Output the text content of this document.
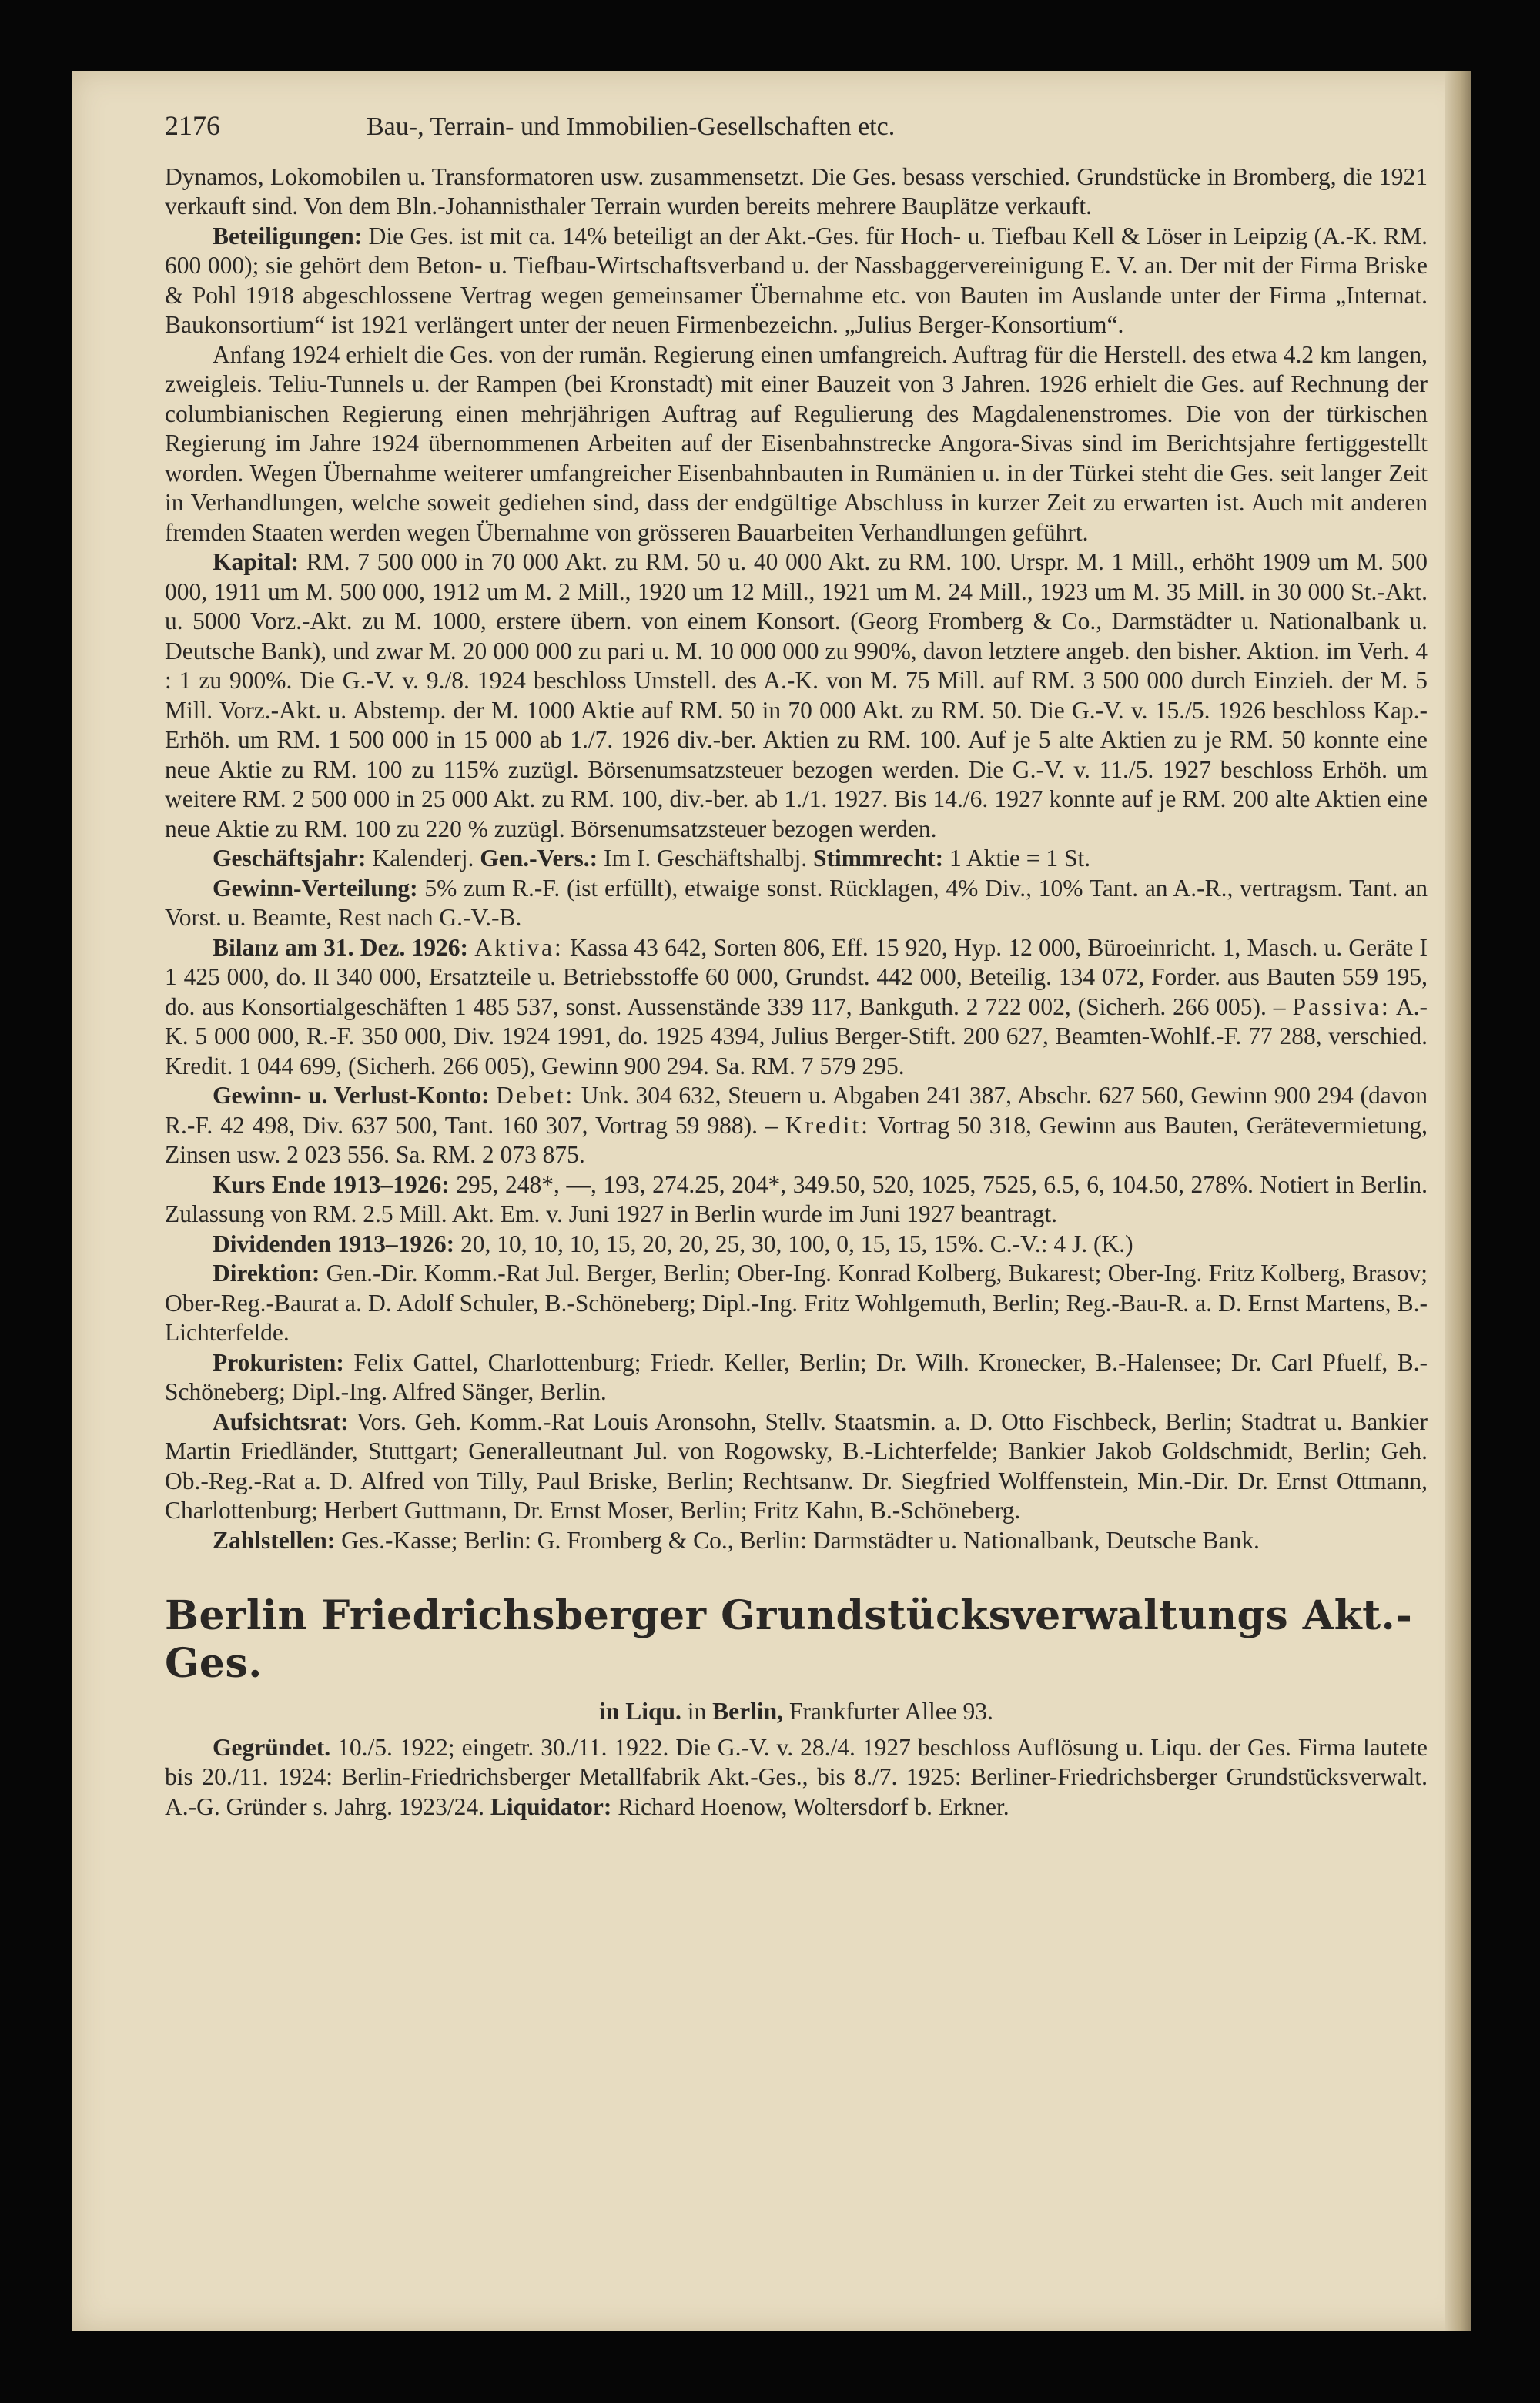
2176	Bau-, Terrain- und Immobilien-Gesellschaften etc.

Dynamos, Lokomobilen u. Transformatoren usw. zusammensetzt. Die Ges. besass verschied. Grundstücke in Bromberg, die 1921 verkauft sind. Von dem Bln.-Johannisthaler Terrain wurden bereits mehrere Bauplätze verkauft.

Beteiligungen: Die Ges. ist mit ca. 14% beteiligt an der Akt.-Ges. für Hoch- u. Tiefbau Kell & Löser in Leipzig (A.-K. RM. 600 000); sie gehört dem Beton- u. Tiefbau-Wirtschaftsverband u. der Nassbaggervereinigung E. V. an. Der mit der Firma Briske & Pohl 1918 abgeschlossene Vertrag wegen gemeinsamer Übernahme etc. von Bauten im Auslande unter der Firma „Internat. Baukonsortium“ ist 1921 verlängert unter der neuen Firmenbezeichn. „Julius Berger-Konsortium“.

Anfang 1924 erhielt die Ges. von der rumän. Regierung einen umfangreich. Auftrag für die Herstell. des etwa 4.2 km langen, zweigleis. Teliu-Tunnels u. der Rampen (bei Kronstadt) mit einer Bauzeit von 3 Jahren. 1926 erhielt die Ges. auf Rechnung der columbianischen Regierung einen mehrjährigen Auftrag auf Regulierung des Magdalenenstromes. Die von der türkischen Regierung im Jahre 1924 übernommenen Arbeiten auf der Eisenbahnstrecke Angora-Sivas sind im Berichtsjahre fertiggestellt worden. Wegen Übernahme weiterer umfangreicher Eisenbahnbauten in Rumänien u. in der Türkei steht die Ges. seit langer Zeit in Verhandlungen, welche soweit gediehen sind, dass der endgültige Abschluss in kurzer Zeit zu erwarten ist. Auch mit anderen fremden Staaten werden wegen Übernahme von grösseren Bauarbeiten Verhandlungen geführt.

Kapital: RM. 7 500 000 in 70 000 Akt. zu RM. 50 u. 40 000 Akt. zu RM. 100. Urspr. M. 1 Mill., erhöht 1909 um M. 500 000, 1911 um M. 500 000, 1912 um M. 2 Mill., 1920 um 12 Mill., 1921 um M. 24 Mill., 1923 um M. 35 Mill. in 30 000 St.-Akt. u. 5000 Vorz.-Akt. zu M. 1000, erstere übern. von einem Konsort. (Georg Fromberg & Co., Darmstädter u. Nationalbank u. Deutsche Bank), und zwar M. 20 000 000 zu pari u. M. 10 000 000 zu 990%, davon letztere angeb. den bisher. Aktion. im Verh. 4 : 1 zu 900%. Die G.-V. v. 9./8. 1924 beschloss Umstell. des A.-K. von M. 75 Mill. auf RM. 3 500 000 durch Einzieh. der M. 5 Mill. Vorz.-Akt. u. Abstemp. der M. 1000 Aktie auf RM. 50 in 70 000 Akt. zu RM. 50. Die G.-V. v. 15./5. 1926 beschloss Kap.-Erhöh. um RM. 1 500 000 in 15 000 ab 1./7. 1926 div.-ber. Aktien zu RM. 100. Auf je 5 alte Aktien zu je RM. 50 konnte eine neue Aktie zu RM. 100 zu 115% zuzügl. Börsenumsatzsteuer bezogen werden. Die G.-V. v. 11./5. 1927 beschloss Erhöh. um weitere RM. 2 500 000 in 25 000 Akt. zu RM. 100, div.-ber. ab 1./1. 1927. Bis 14./6. 1927 konnte auf je RM. 200 alte Aktien eine neue Aktie zu RM. 100 zu 220 % zuzügl. Börsenumsatzsteuer bezogen werden.

Geschäftsjahr: Kalenderj. Gen.-Vers.: Im I. Geschäftshalbj. Stimmrecht: 1 Aktie = 1 St.

Gewinn-Verteilung: 5% zum R.-F. (ist erfüllt), etwaige sonst. Rücklagen, 4% Div., 10% Tant. an A.-R., vertragsm. Tant. an Vorst. u. Beamte, Rest nach G.-V.-B.

Bilanz am 31. Dez. 1926: Aktiva: Kassa 43 642, Sorten 806, Eff. 15 920, Hyp. 12 000, Büroeinricht. 1, Masch. u. Geräte I 1 425 000, do. II 340 000, Ersatzteile u. Betriebsstoffe 60 000, Grundst. 442 000, Beteilig. 134 072, Forder. aus Bauten 559 195, do. aus Konsortialgeschäften 1 485 537, sonst. Aussenstände 339 117, Bankguth. 2 722 002, (Sicherh. 266 005). – Passiva: A.-K. 5 000 000, R.-F. 350 000, Div. 1924 1991, do. 1925 4394, Julius Berger-Stift. 200 627, Beamten-Wohlf.-F. 77 288, verschied. Kredit. 1 044 699, (Sicherh. 266 005), Gewinn 900 294. Sa. RM. 7 579 295.

Gewinn- u. Verlust-Konto: Debet: Unk. 304 632, Steuern u. Abgaben 241 387, Abschr. 627 560, Gewinn 900 294 (davon R.-F. 42 498, Div. 637 500, Tant. 160 307, Vortrag 59 988). – Kredit: Vortrag 50 318, Gewinn aus Bauten, Gerätevermietung, Zinsen usw. 2 023 556. Sa. RM. 2 073 875.

Kurs Ende 1913–1926: 295, 248*, —, 193, 274.25, 204*, 349.50, 520, 1025, 7525, 6.5, 6, 104.50, 278%. Notiert in Berlin. Zulassung von RM. 2.5 Mill. Akt. Em. v. Juni 1927 in Berlin wurde im Juni 1927 beantragt.

Dividenden 1913–1926: 20, 10, 10, 10, 15, 20, 20, 25, 30, 100, 0, 15, 15, 15%. C.-V.: 4 J. (K.)

Direktion: Gen.-Dir. Komm.-Rat Jul. Berger, Berlin; Ober-Ing. Konrad Kolberg, Bukarest; Ober-Ing. Fritz Kolberg, Brasov; Ober-Reg.-Baurat a. D. Adolf Schuler, B.-Schöneberg; Dipl.-Ing. Fritz Wohlgemuth, Berlin; Reg.-Bau-R. a. D. Ernst Martens, B.-Lichterfelde.

Prokuristen: Felix Gattel, Charlottenburg; Friedr. Keller, Berlin; Dr. Wilh. Kronecker, B.-Halensee; Dr. Carl Pfuelf, B.-Schöneberg; Dipl.-Ing. Alfred Sänger, Berlin.

Aufsichtsrat: Vors. Geh. Komm.-Rat Louis Aronsohn, Stellv. Staatsmin. a. D. Otto Fischbeck, Berlin; Stadtrat u. Bankier Martin Friedländer, Stuttgart; Generalleutnant Jul. von Rogowsky, B.-Lichterfelde; Bankier Jakob Goldschmidt, Berlin; Geh. Ob.-Reg.-Rat a. D. Alfred von Tilly, Paul Briske, Berlin; Rechtsanw. Dr. Siegfried Wolffenstein, Min.-Dir. Dr. Ernst Ottmann, Charlottenburg; Herbert Guttmann, Dr. Ernst Moser, Berlin; Fritz Kahn, B.-Schöneberg.

Zahlstellen: Ges.-Kasse; Berlin: G. Fromberg & Co., Berlin: Darmstädter u. Nationalbank, Deutsche Bank.

Berlin Friedrichsberger Grundstücksverwaltungs Akt.-Ges.
in Liqu. in Berlin, Frankfurter Allee 93.

Gegründet. 10./5. 1922; eingetr. 30./11. 1922. Die G.-V. v. 28./4. 1927 beschloss Auflösung u. Liqu. der Ges. Firma lautete bis 20./11. 1924: Berlin-Friedrichsberger Metallfabrik Akt.-Ges., bis 8./7. 1925: Berliner-Friedrichsberger Grundstücksverwalt. A.-G. Gründer s. Jahrg. 1923/24. Liquidator: Richard Hoenow, Woltersdorf b. Erkner.
